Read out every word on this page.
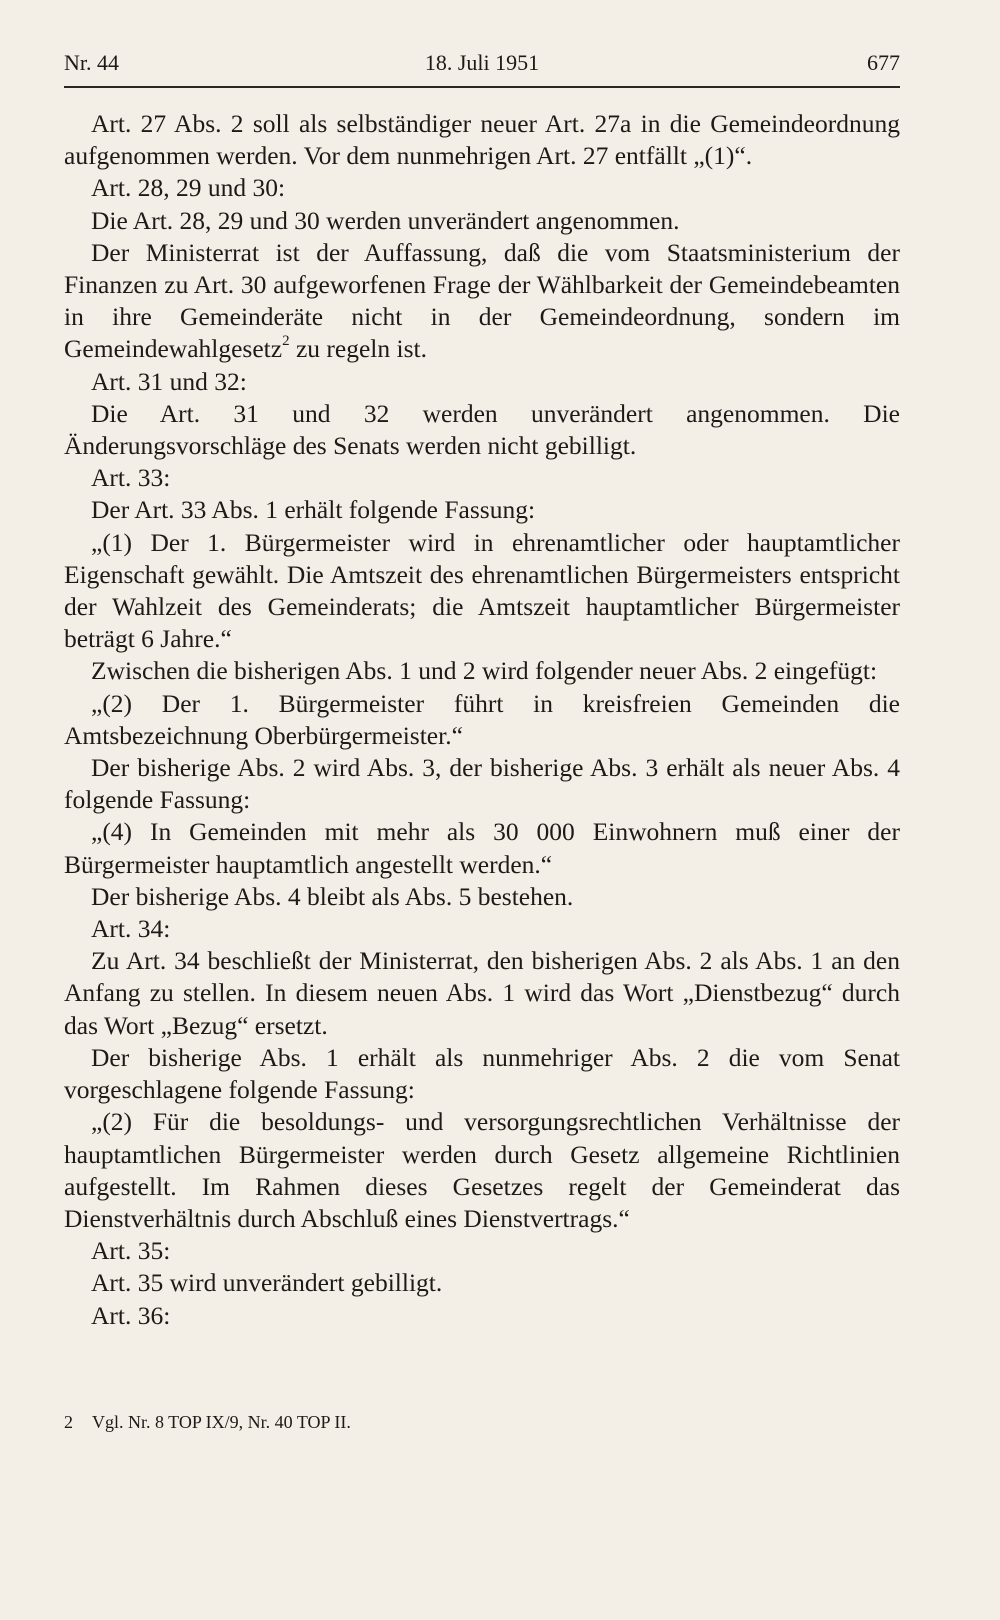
Nr. 44	18. Juli 1951	677

Art. 27 Abs. 2 soll als selbständiger neuer Art. 27a in die Gemeindeordnung aufgenommen werden. Vor dem nunmehrigen Art. 27 entfällt „(1)“.

Art. 28, 29 und 30:

Die Art. 28, 29 und 30 werden unverändert angenommen.

Der Ministerrat ist der Auffassung, daß die vom Staatsministerium der Finanzen zu Art. 30 aufgeworfenen Frage der Wählbarkeit der Gemeindebeamten in ihre Gemeinderäte nicht in der Gemeindeordnung, sondern im Gemeindewahlgesetz$^2$ zu regeln ist.

Art. 31 und 32:

Die Art. 31 und 32 werden unverändert angenommen. Die Änderungsvorschläge des Senats werden nicht gebilligt.

Art. 33:

Der Art. 33 Abs. 1 erhält folgende Fassung:

„(1) Der 1. Bürgermeister wird in ehrenamtlicher oder hauptamtlicher Eigenschaft gewählt. Die Amtszeit des ehrenamtlichen Bürgermeisters entspricht der Wahlzeit des Gemeinderats; die Amtszeit hauptamtlicher Bürgermeister beträgt 6 Jahre.“

Zwischen die bisherigen Abs. 1 und 2 wird folgender neuer Abs. 2 eingefügt:

„(2) Der 1. Bürgermeister führt in kreisfreien Gemeinden die Amtsbezeichnung Oberbürgermeister.“

Der bisherige Abs. 2 wird Abs. 3, der bisherige Abs. 3 erhält als neuer Abs. 4 folgende Fassung:

„(4) In Gemeinden mit mehr als 30 000 Einwohnern muß einer der Bürgermeister hauptamtlich angestellt werden.“

Der bisherige Abs. 4 bleibt als Abs. 5 bestehen.

Art. 34:

Zu Art. 34 beschließt der Ministerrat, den bisherigen Abs. 2 als Abs. 1 an den Anfang zu stellen. In diesem neuen Abs. 1 wird das Wort „Dienstbezug“ durch das Wort „Bezug“ ersetzt.

Der bisherige Abs. 1 erhält als nunmehriger Abs. 2 die vom Senat vorgeschlagene folgende Fassung:

„(2) Für die besoldungs- und versorgungsrechtlichen Verhältnisse der hauptamtlichen Bürgermeister werden durch Gesetz allgemeine Richtlinien aufgestellt. Im Rahmen dieses Gesetzes regelt der Gemeinderat das Dienstverhältnis durch Abschluß eines Dienstvertrags.“

Art. 35:

Art. 35 wird unverändert gebilligt.

Art. 36:

2 Vgl. Nr. 8 TOP IX/9, Nr. 40 TOP II.
